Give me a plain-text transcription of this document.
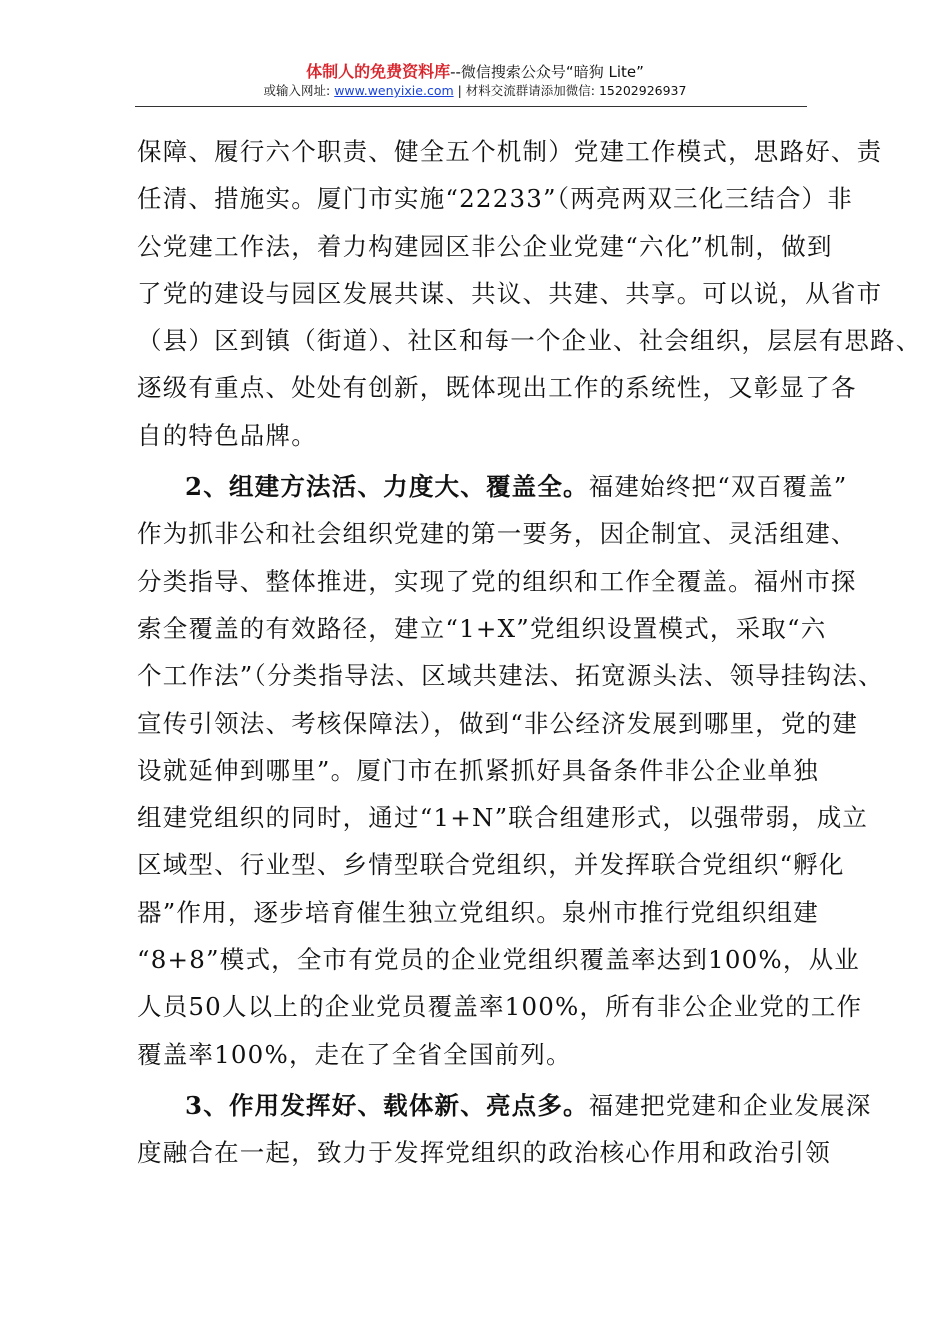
体制人的免费资料库--微信搜索公众号“暗狗 Lite”
或输入网址: www.wenyixie.com | 材料交流群请添加微信: 15202926937
保障、履行六个职责、健全五个机制）党建工作模式，思路好、责
任清、措施实。厦门市实施“22233”（两亮两双三化三结合）非
公党建工作法，着力构建园区非公企业党建“六化”机制，做到
了党的建设与园区发展共谋、共议、共建、共享。可以说，从省市
（县）区到镇（街道）、社区和每一个企业、社会组织，层层有思路、
逐级有重点、处处有创新，既体现出工作的系统性，又彰显了各
自的特色品牌。
2、组建方法活、力度大、覆盖全。福建始终把“双百覆盖”
作为抓非公和社会组织党建的第一要务，因企制宜、灵活组建、
分类指导、整体推进，实现了党的组织和工作全覆盖。福州市探
索全覆盖的有效路径，建立“1+X”党组织设置模式，采取“六
个工作法”（分类指导法、区域共建法、拓宽源头法、领导挂钩法、
宣传引领法、考核保障法），做到“非公经济发展到哪里，党的建
设就延伸到哪里”。厦门市在抓紧抓好具备条件非公企业单独
组建党组织的同时，通过“1+N”联合组建形式，以强带弱，成立
区域型、行业型、乡情型联合党组织，并发挥联合党组织“孵化
器”作用，逐步培育催生独立党组织。泉州市推行党组织组建
“8+8”模式，全市有党员的企业党组织覆盖率达到100%，从业
人员50人以上的企业党员覆盖率100%，所有非公企业党的工作
覆盖率100%，走在了全省全国前列。
3、作用发挥好、载体新、亮点多。福建把党建和企业发展深
度融合在一起，致力于发挥党组织的政治核心作用和政治引领
